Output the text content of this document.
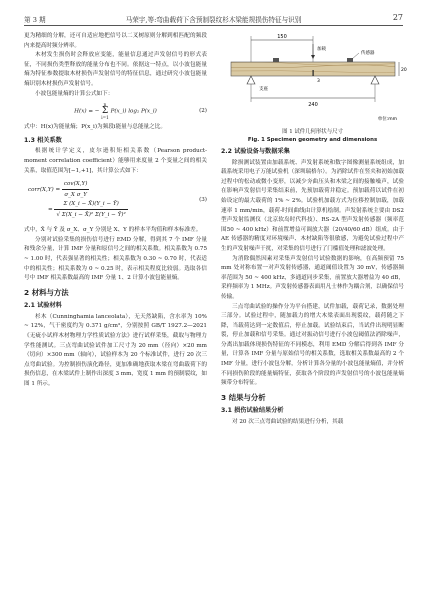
第 3 期	马荣宇,等:弯曲载荷下含预制裂纹杉木梁能规损伤特征与识别	27

更为精细的分解，还可自适应地把信号以二叉树原则分解到相匹配的频段内来提高时频分辨率。

木材发生损伤时会释放应变能，能量信息通过声发射信号的形式表征，不同损伤类型释放的能量分布也不同。依据这一特点，以小波包能量熵为特征参数提取木材损伤声发射信号的特征信息，通过研究小波包能量熵识别木材损伤声发射信号。

小波包能量熵的计算公式如下：

H(x) = −
n
Σ
i=1
P(x_i) log₂ P(x_i)	(2)

式中：H(x)为能量熵；P(x_i)为频段i能量与总能量之比。

1.3 相关系数

根据统计学定义，皮尔逊积矩相关系数（Pearson product-moment correlation coefficient）能够用来度量 2 个变量之间的相关关系，取值范围为[−1,+1]，其计算公式如下：

corr(X,Y) = $\frac{\text{cov(X,Y)}}{\text{σ\_X σ\_Y}}$
= $\frac{\Sigma (X\_i - X̄)(Y\_i - Ȳ)}{\text{√ Σ(X\_i − X̄)² Σ(Y\_i − Ȳ)²}}$	(3)

式中，X̄ 与 Ȳ 及 σ_X、σ_Y 分别是 X、Y 的样本平均值和样本标准差。

分别对试验采集的损伤信号进行 EMD 分解，得到其 7 个 IMF 分量和残余分量，计算 IMF 分量和原信号之间的相关系数。相关系数为 0.75 ~ 1.00 时，代表强显著的相关性；相关系数为 0.30 ~ 0.70 时，代表适中的相关性；相关系数为 0 ~ 0.25 时，表示相关程度比较弱。选取各信号中 IMF 相关系数最高的 IMF 分量 1、2 计算小波包能量熵。

2 材料与方法
2.1 试验材料

杉木（Cunninghamia lanceolata），无天然缺陷，含水率为 10% ~ 12%，气干密度约为 0.371 g/cm³，分别按照 GB/T 1927.2—2021《无疵小试样木材物理力学性质试验方法》进行试样采集，截取与物理力学性能测试。三点弯曲试验试件加工尺寸为 20 mm（径向）×20 mm（切向）×300 mm（轴向），试验样本为 20 个标准试件，进行 20 次三点弯曲试验。为控制损伤演化路径，更加准确地获取木梁在弯曲载荷下的损伤信息，在木梁试件上制作出深度 3 mm，宽度 1 mm 的预制裂纹，如图 1 所示。

150
加载
传感器
20
支座
3
240
单位:mm
图 1 试件几何形状与尺寸
Fig. 1 Specimen geometry and dimensions
2.2 试验设备与数据采集

除损测试装置由加载系统、声发射系统和数字图像测量系统组成，加载系统采用电子万能试验机（深圳瑞格尔）。为消除试件在竖夹和初始加载过程中的松动或微小变形，以减少夯曲压头和木梁之间的接触噪声，试验在影响声发射信号采集结束前，先预加载荷并稳定。预加载荷以试件在初始设定的最大载荷的 1% ~ 2%。试验机加载方式为位移控制加载，加载速率 1 mm/min，载荷-时间曲线由计算机绘制。声发射系统主要由 DS2 型声发射监测仪（北京软岛时代科技）、RS-2A 型声发射传感器（频率范围50 ~ 400 kHz）和前置增益可调放大器（20/40/60 dB）组成。由于 AE 传感器的精度对环境噪声、木材缺陷等很敏感，为避免试验过程中产生的声发射噪声干扰，对采集的信号进行了门槛值处理和滤波处理。

为消除偶然因素对采集声发射信号试验数据的影响，在高频预留 75 mm 处对称布置一对声发射传感器，通道阈值设置为 30 mV，传感器频率范围为 50 ~ 400 kHz，多通道同步采集，前置放大器增益为 40 dB，采样频率为 1 MHz。声发射传感器表面用凡士林作为耦合剂，以确保信号传输。

三点弯曲试验的操作分为平台搭建，试件加载，载荷记录，数据处理三部分。试验过程中，随加载力的增大木梁表面出现裂纹，载荷随之下降，当载荷达到一定数值后，停止加载。试验结束后，当试件出现明显断裂，停止加载和信号采集。通过对振动信号进行小波包阈值法消除噪声，分离出加载体现损伤特征的不同模态，利用 EMD 分解后得到各 IMF 分量，计算各 IMF 分量与原始信号的相关系数，选取相关系数最高的 2 个 IMF 分量，进行小波包分解，分析计算各分量的小波包能量熵值，并分析不同损伤阶段的能量熵特征，获取各个阶段的声发射信号的小波包能量熵频带分布特征。

3 结果与分析
3.1 损伤试验结果分析

对 20 次三点弯曲试验的结果进行分析，其载
